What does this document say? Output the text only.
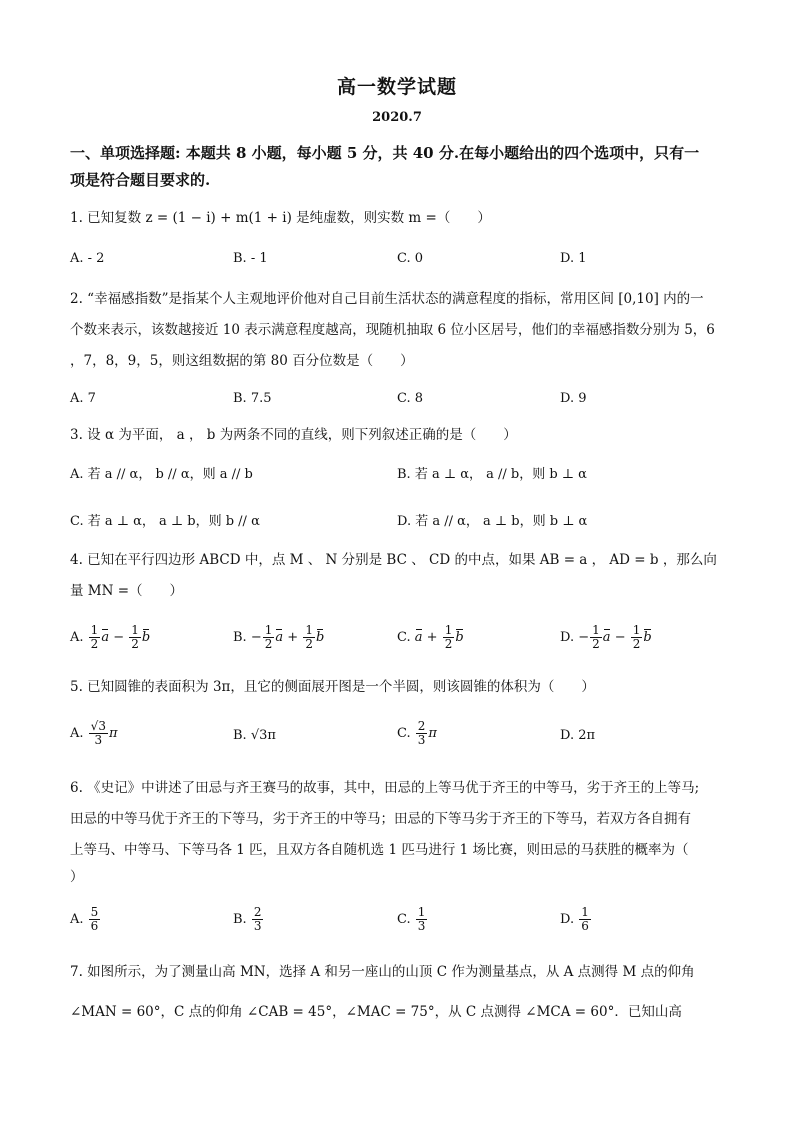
高一数学试题
2020.7
一、单项选择题: 本题共 8 小题，每小题 5 分，共 40 分.在每小题给出的四个选项中，只有一
项是符合题目要求的.
1. 已知复数 z = (1 − i) + m(1 + i) 是纯虚数，则实数 m =（　　）
A. - 2	B. - 1	C. 0	D. 1
2. “幸福感指数”是指某个人主观地评价他对自己目前生活状态的满意程度的指标，常用区间 [0,10] 内的一
个数来表示，该数越接近 10 表示满意程度越高，现随机抽取 6 位小区居号，他们的幸福感指数分别为 5，6
，7，8，9，5，则这组数据的第 80 百分位数是（　　）
A. 7	B. 7.5	C. 8	D. 9
3. 设 α 为平面， a ， b 为两条不同的直线，则下列叙述正确的是（　　）
A. 若 a // α， b // α，则 a // b	B. 若 a ⊥ α， a // b，则 b ⊥ α
C. 若 a ⊥ α， a ⊥ b，则 b // α	D. 若 a // α， a ⊥ b，则 b ⊥ α
4. 已知在平行四边形 ABCD 中，点 M 、 N 分别是 BC 、 CD 的中点，如果 AB = a ， AD = b ，那么向
量 MN =（　　）
A. $\frac{1}{2}$ $a - \frac{1}{2}$ b	B. − $\frac{1}{2}$ $a + \frac{1}{2}$ b	C. $a + \frac{1}{2}$ b	D. − $\frac{1}{2}$ $a - \frac{1}{2}$ b
5. 已知圆锥的表面积为 3π，且它的侧面展开图是一个半圆，则该圆锥的体积为（　　）
A. $\frac{√3}{3}$ π	B. √3π	C. $\frac{2}{3}$ π	D. 2π
6. 《史记》中讲述了田忌与齐王赛马的故事，其中，田忌的上等马优于齐王的中等马，劣于齐王的上等马;
田忌的中等马优于齐王的下等马，劣于齐王的中等马；田忌的下等马劣于齐王的下等马，若双方各自拥有
上等马、中等马、下等马各 1 匹，且双方各自随机选 1 匹马进行 1 场比赛，则田忌的马获胜的概率为（
）
A. $\frac{5}{6}$	B. $\frac{2}{3}$	C. $\frac{1}{3}$	D. $\frac{1}{6}$
7. 如图所示，为了测量山高 MN，选择 A 和另一座山的山顶 C 作为测量基点，从 A 点测得 M 点的仰角
∠MAN = 60°，C 点的仰角 ∠CAB = 45°，∠MAC = 75°，从 C 点测得 ∠MCA = 60°．已知山高
